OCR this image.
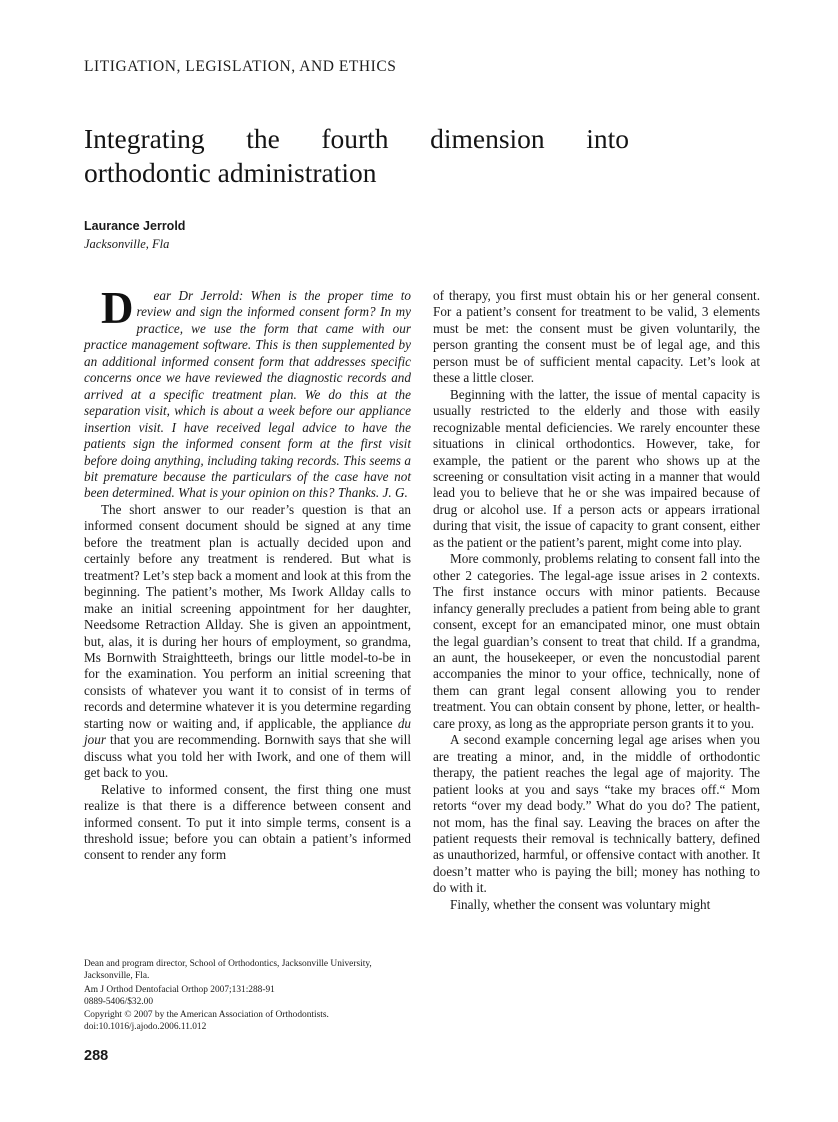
LITIGATION, LEGISLATION, AND ETHICS
Integrating the fourth dimension into
orthodontic administration
Laurance Jerrold
Jacksonville, Fla

D ear Dr Jerrold: When is the proper time to review and sign the informed consent form? In my practice, we use the form that came with our practice management software. This is then supplemented by an additional informed consent form that addresses specific concerns once we have reviewed the diagnostic records and arrived at a specific treatment plan. We do this at the separation visit, which is about a week before our appliance insertion visit. I have received legal advice to have the patients sign the informed consent form at the first visit before doing anything, including taking records. This seems a bit premature because the particulars of the case have not been determined. What is your opinion on this? Thanks. J. G.

The short answer to our reader’s question is that an informed consent document should be signed at any time before the treatment plan is actually decided upon and certainly before any treatment is rendered. But what is treatment? Let’s step back a moment and look at this from the beginning. The patient’s mother, Ms Iwork Allday calls to make an initial screening appointment for her daughter, Needsome Retraction Allday. She is given an appointment, but, alas, it is during her hours of employment, so grandma, Ms Bornwith Straightteeth, brings our little model-to-be in for the examination. You perform an initial screening that consists of whatever you want it to consist of in terms of records and determine whatever it is you determine regarding starting now or waiting and, if applicable, the appliance du jour that you are recommending. Bornwith says that she will discuss what you told her with Iwork, and one of them will get back to you.

Relative to informed consent, the first thing one must realize is that there is a difference between consent and informed consent. To put it into simple terms, consent is a threshold issue; before you can obtain a patient’s informed consent to render any form

of therapy, you first must obtain his or her general consent. For a patient’s consent for treatment to be valid, 3 elements must be met: the consent must be given voluntarily, the person granting the consent must be of legal age, and this person must be of sufficient mental capacity. Let’s look at these a little closer.

Beginning with the latter, the issue of mental capacity is usually restricted to the elderly and those with easily recognizable mental deficiencies. We rarely encounter these situations in clinical orthodontics. However, take, for example, the patient or the parent who shows up at the screening or consultation visit acting in a manner that would lead you to believe that he or she was impaired because of drug or alcohol use. If a person acts or appears irrational during that visit, the issue of capacity to grant consent, either as the patient or the patient’s parent, might come into play.

More commonly, problems relating to consent fall into the other 2 categories. The legal-age issue arises in 2 contexts. The first instance occurs with minor patients. Because infancy generally precludes a patient from being able to grant consent, except for an emancipated minor, one must obtain the legal guardian’s consent to treat that child. If a grandma, an aunt, the housekeeper, or even the noncustodial parent accompanies the minor to your office, technically, none of them can grant legal consent allowing you to render treatment. You can obtain consent by phone, letter, or health-care proxy, as long as the appropriate person grants it to you.

A second example concerning legal age arises when you are treating a minor, and, in the middle of orthodontic therapy, the patient reaches the legal age of majority. The patient looks at you and says “take my braces off.“ Mom retorts “over my dead body.” What do you do? The patient, not mom, has the final say. Leaving the braces on after the patient requests their removal is technically battery, defined as unauthorized, harmful, or offensive contact with another. It doesn’t matter who is paying the bill; money has nothing to do with it.

Finally, whether the consent was voluntary might

Dean and program director, School of Orthodontics, Jacksonville University, Jacksonville, Fla.
Am J Orthod Dentofacial Orthop 2007;131:288-91
0889-5406/$32.00
Copyright © 2007 by the American Association of Orthodontists.
doi:10.1016/j.ajodo.2006.11.012
288
